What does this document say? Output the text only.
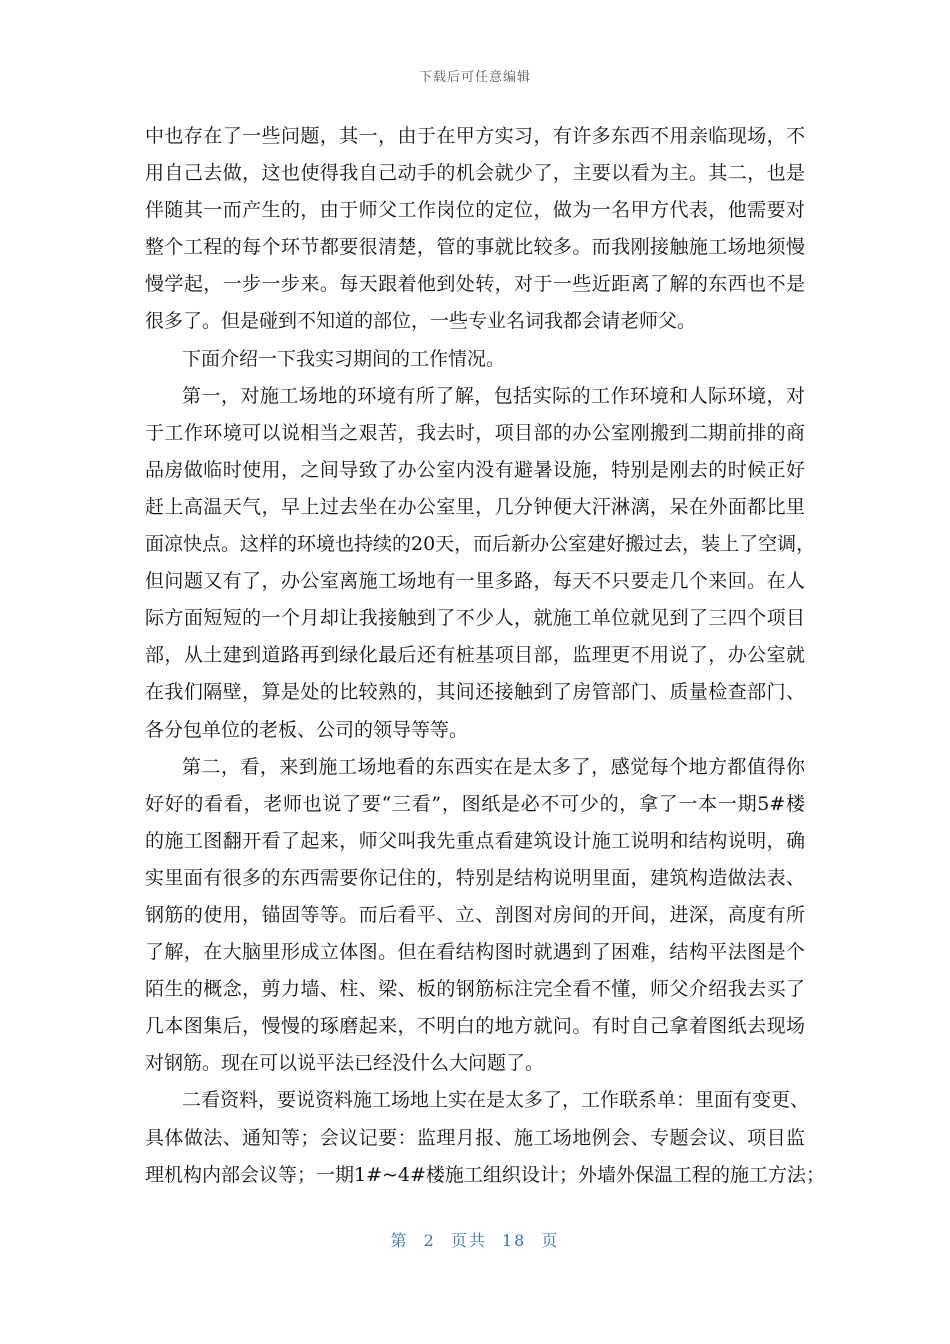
下载后可任意编辑
中也存在了一些问题，其一，由于在甲方实习，有许多东西不用亲临现场，不
用自己去做，这也使得我自己动手的机会就少了，主要以看为主。其二，也是
伴随其一而产生的，由于师父工作岗位的定位，做为一名甲方代表，他需要对
整个工程的每个环节都要很清楚，管的事就比较多。而我刚接触施工场地须慢
慢学起，一步一步来。每天跟着他到处转，对于一些近距离了解的东西也不是
很多了。但是碰到不知道的部位，一些专业名词我都会请老师父。
下面介绍一下我实习期间的工作情况。
第一，对施工场地的环境有所了解，包括实际的工作环境和人际环境，对
于工作环境可以说相当之艰苦，我去时，项目部的办公室刚搬到二期前排的商
品房做临时使用，之间导致了办公室内没有避暑设施，特别是刚去的时候正好
赶上高温天气，早上过去坐在办公室里，几分钟便大汗淋漓，呆在外面都比里
面凉快点。这样的环境也持续的20天，而后新办公室建好搬过去，装上了空调，
但问题又有了，办公室离施工场地有一里多路，每天不只要走几个来回。在人
际方面短短的一个月却让我接触到了不少人，就施工单位就见到了三四个项目
部，从土建到道路再到绿化最后还有桩基项目部，监理更不用说了，办公室就
在我们隔壁，算是处的比较熟的，其间还接触到了房管部门、质量检查部门、
各分包单位的老板、公司的领导等等。
第二，看，来到施工场地看的东西实在是太多了，感觉每个地方都值得你
好好的看看，老师也说了要“三看”，图纸是必不可少的，拿了一本一期5#楼
的施工图翻开看了起来，师父叫我先重点看建筑设计施工说明和结构说明，确
实里面有很多的东西需要你记住的，特别是结构说明里面，建筑构造做法表、
钢筋的使用，锚固等等。而后看平、立、剖图对房间的开间，进深，高度有所
了解，在大脑里形成立体图。但在看结构图时就遇到了困难，结构平法图是个
陌生的概念，剪力墙、柱、梁、板的钢筋标注完全看不懂，师父介绍我去买了
几本图集后，慢慢的琢磨起来，不明白的地方就问。有时自己拿着图纸去现场
对钢筋。现在可以说平法已经没什么大问题了。
二看资料，要说资料施工场地上实在是太多了，工作联系单：里面有变更、
具体做法、通知等；会议记要：监理月报、施工场地例会、专题会议、项目监
理机构内部会议等；一期1#~4#楼施工组织设计；外墙外保温工程的施工方法；
第 2 页共 18 页
